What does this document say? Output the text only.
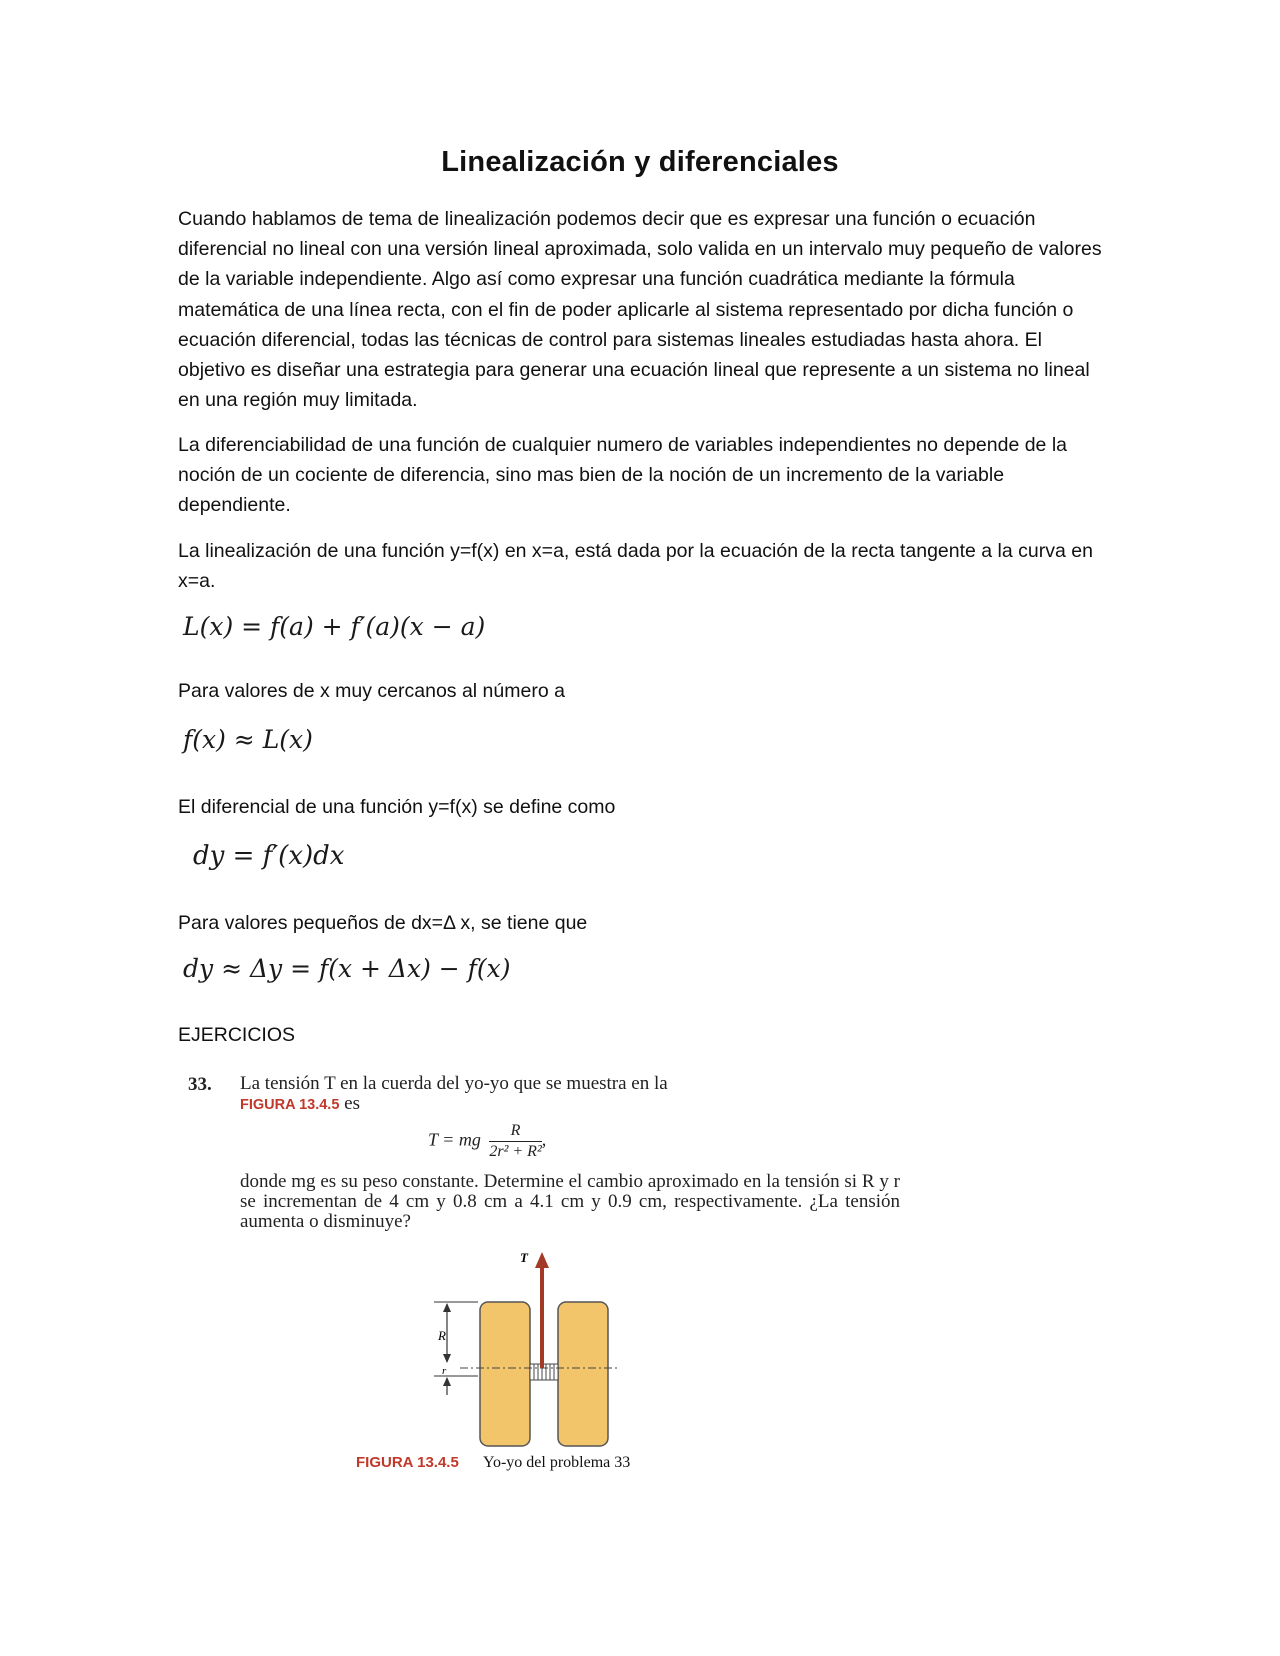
Linealización y diferenciales

Cuando hablamos de tema de linealización podemos decir que es expresar una función o ecuación diferencial no lineal con una versión lineal aproximada, solo valida en un intervalo muy pequeño de valores de la variable independiente. Algo así como expresar una función cuadrática mediante la fórmula matemática de una línea recta, con el fin de poder aplicarle al sistema representado por dicha función o ecuación diferencial, todas las técnicas de control para sistemas lineales estudiadas hasta ahora. El objetivo es diseñar una estrategia para generar una ecuación lineal que represente a un sistema no lineal en una región muy limitada.

La diferenciabilidad de una función de cualquier numero de variables independientes no depende de la noción de un cociente de diferencia, sino mas bien de la noción de un incremento de la variable dependiente.

La linealización de una función y=f(x) en x=a, está dada por la ecuación de la recta tangente a la curva en x=a.

L(x) = f(a) + f′(a)(x − a)
Para valores de x muy cercanos al número a
f(x) ≈ L(x)
El diferencial de una función y=f(x) se define como
dy = f′(x)dx
Para valores pequeños de dx=Δ x, se tiene que
dy ≈ Δy = f(x + Δx) − f(x)
EJERCICIOS
33. La tensión T en la cuerda del yo-yo que se muestra en la
FIGURA 13.4.5 es
T = mg $\frac{R}{\text{2r² + R²}}$ ,
donde mg es su peso constante. Determine el cambio aproximado en la tensión si R y r se incrementan de 4 cm y 0.8 cm a 4.1 cm y 0.9 cm, respectivamente. ¿La tensión aumenta o disminuye?
T
R
r
FIGURA 13.4.5 Yo-yo del problema 33
